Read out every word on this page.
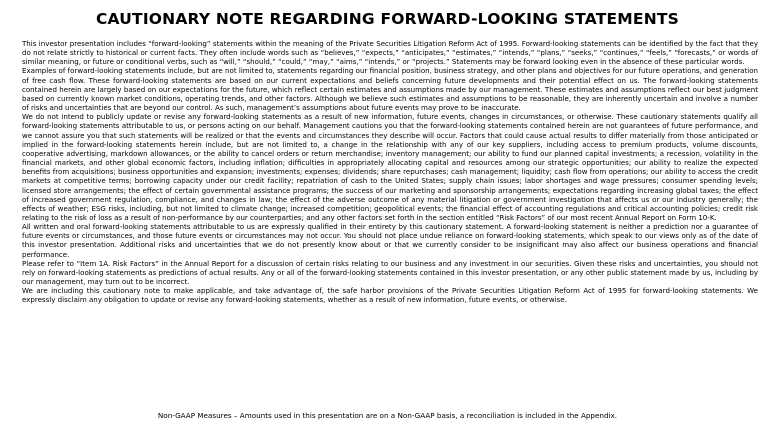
CAUTIONARY NOTE REGARDING FORWARD-LOOKING STATEMENTS

This investor presentation includes “forward-looking” statements within the meaning of the Private Securities Litigation Reform Act of 1995. Forward-looking statements can be identified by the fact that they do not relate strictly to historical or current facts. They often include words such as “believes,” “expects,” “anticipates,” “estimates,” “intends,” “plans,” “seeks,” “continues,” “feels,” “forecasts,” or words of similar meaning, or future or conditional verbs, such as “will,” “should,” “could,” “may,” “aims,” “intends,” or “projects.” Statements may be forward looking even in the absence of these particular words.

Examples of forward-looking statements include, but are not limited to, statements regarding our financial position, business strategy, and other plans and objectives for our future operations, and generation of free cash flow. These forward-looking statements are based on our current expectations and beliefs concerning future developments and their potential effect on us. The forward-looking statements contained herein are largely based on our expectations for the future, which reflect certain estimates and assumptions made by our management. These estimates and assumptions reflect our best judgment based on currently known market conditions, operating trends, and other factors. Although we believe such estimates and assumptions to be reasonable, they are inherently uncertain and involve a number of risks and uncertainties that are beyond our control. As such, management’s assumptions about future events may prove to be inaccurate.

We do not intend to publicly update or revise any forward-looking statements as a result of new information, future events, changes in circumstances, or otherwise. These cautionary statements qualify all forward-looking statements attributable to us, or persons acting on our behalf. Management cautions you that the forward-looking statements contained herein are not guarantees of future performance, and we cannot assure you that such statements will be realized or that the events and circumstances they describe will occur. Factors that could cause actual results to differ materially from those anticipated or implied in the forward-looking statements herein include, but are not limited to, a change in the relationship with any of our key suppliers, including access to premium products, volume discounts, cooperative advertising, markdown allowances, or the ability to cancel orders or return merchandise; inventory management; our ability to fund our planned capital investments; a recession, volatility in the financial markets, and other global economic factors, including inflation; difficulties in appropriately allocating capital and resources among our strategic opportunities; our ability to realize the expected benefits from acquisitions; business opportunities and expansion; investments; expenses; dividends; share repurchases; cash management; liquidity; cash flow from operations; our ability to access the credit markets at competitive terms; borrowing capacity under our credit facility; repatriation of cash to the United States; supply chain issues; labor shortages and wage pressures; consumer spending levels; licensed store arrangements; the effect of certain governmental assistance programs; the success of our marketing and sponsorship arrangements; expectations regarding increasing global taxes; the effect of increased government regulation, compliance, and changes in law; the effect of the adverse outcome of any material litigation or government investigation that affects us or our industry generally; the effects of weather; ESG risks, including, but not limited to climate change; increased competition; geopolitical events; the financial effect of accounting regulations and critical accounting policies; credit risk relating to the risk of loss as a result of non-performance by our counterparties; and any other factors set forth in the section entitled “Risk Factors” of our most recent Annual Report on Form 10-K.

All written and oral forward-looking statements attributable to us are expressly qualified in their entirety by this cautionary statement. A forward-looking statement is neither a prediction nor a guarantee of future events or circumstances, and those future events or circumstances may not occur. You should not place undue reliance on forward-looking statements, which speak to our views only as of the date of this investor presentation. Additional risks and uncertainties that we do not presently know about or that we currently consider to be insignificant may also affect our business operations and financial performance.

Please refer to “Item 1A. Risk Factors” in the Annual Report for a discussion of certain risks relating to our business and any investment in our securities. Given these risks and uncertainties, you should not rely on forward-looking statements as predictions of actual results. Any or all of the forward-looking statements contained in this investor presentation, or any other public statement made by us, including by our management, may turn out to be incorrect.

We are including this cautionary note to make applicable, and take advantage of, the safe harbor provisions of the Private Securities Litigation Reform Act of 1995 for forward-looking statements. We expressly disclaim any obligation to update or revise any forward-looking statements, whether as a result of new information, future events, or otherwise.

Non-GAAP Measures – Amounts used in this presentation are on a Non-GAAP basis, a reconciliation is included in the Appendix.
